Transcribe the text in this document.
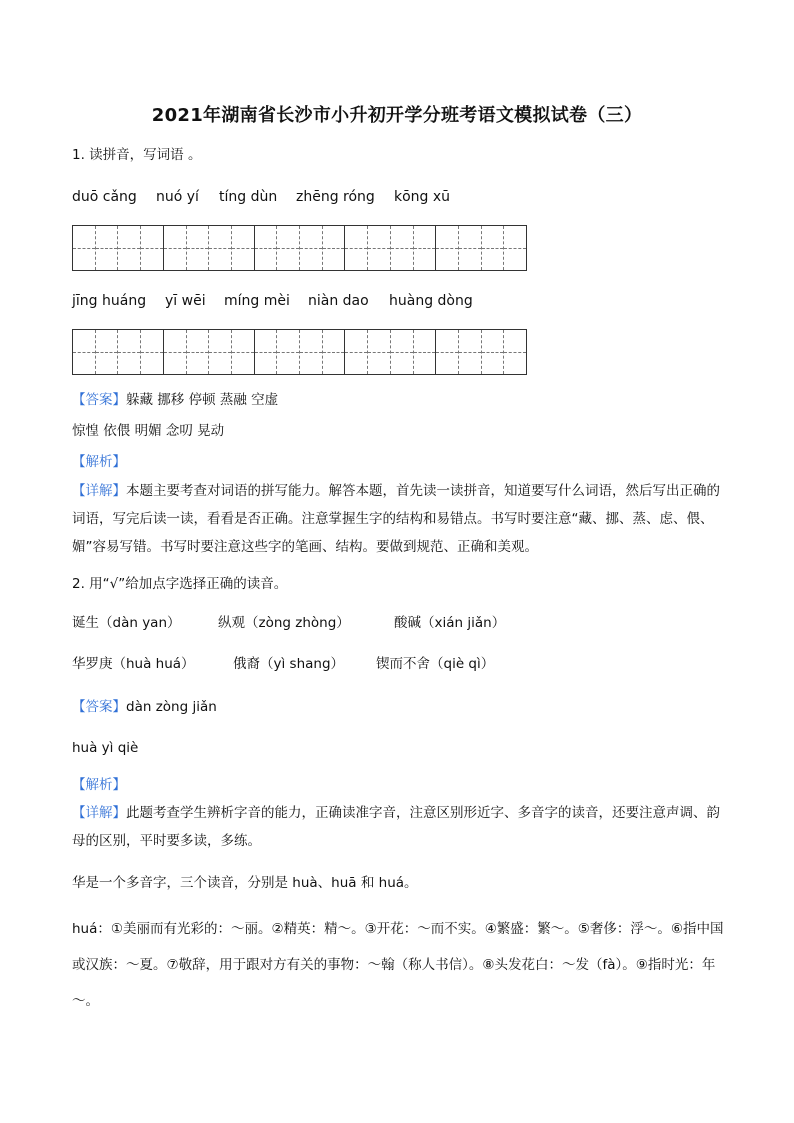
2021年湖南省长沙市小升初开学分班考语文模拟试卷（三）
1. 读拼音，写词语 。
duō cǎng nuó yí tíng dùn zhēng róng kōng xū
jīng huáng yī wēi míng mèi niàn dao huàng dòng
【答案】躲藏 挪移 停顿 蒸融 空虚
惊惶 依偎 明媚 念叨 晃动
【解析】
【详解】本题主要考查对词语的拼写能力。解答本题，首先读一读拼音，知道要写什么词语，然后写出正确的词语，写完后读一读，看看是否正确。注意掌握生字的结构和易错点。书写时要注意“藏、挪、蒸、虑、偎、媚”容易写错。书写时要注意这些字的笔画、结构。要做到规范、正确和美观。
2. 用“√”给加点字选择正确的读音。
诞生（dàn yan）	纵观（zòng zhòng）	酸碱（xián jiǎn）
华罗庚（huà huá）	俄裔（yì shang） 锲而不舍（qiè qì）
【答案】dàn zòng jiǎn
huà yì qiè
【解析】
【详解】此题考查学生辨析字音的能力，正确读准字音，注意区别形近字、多音字的读音，还要注意声调、韵母的区别，平时要多读，多练。
华是一个多音字，三个读音，分别是 huà、huā 和 huá。
huá：①美丽而有光彩的：～丽。②精英：精～。③开花：～而不实。④繁盛：繁～。⑤奢侈：浮～。⑥指中国或汉族：～夏。⑦敬辞，用于跟对方有关的事物：～翰（称人书信）。⑧头发花白：～发（fà）。⑨指时光：年～。
